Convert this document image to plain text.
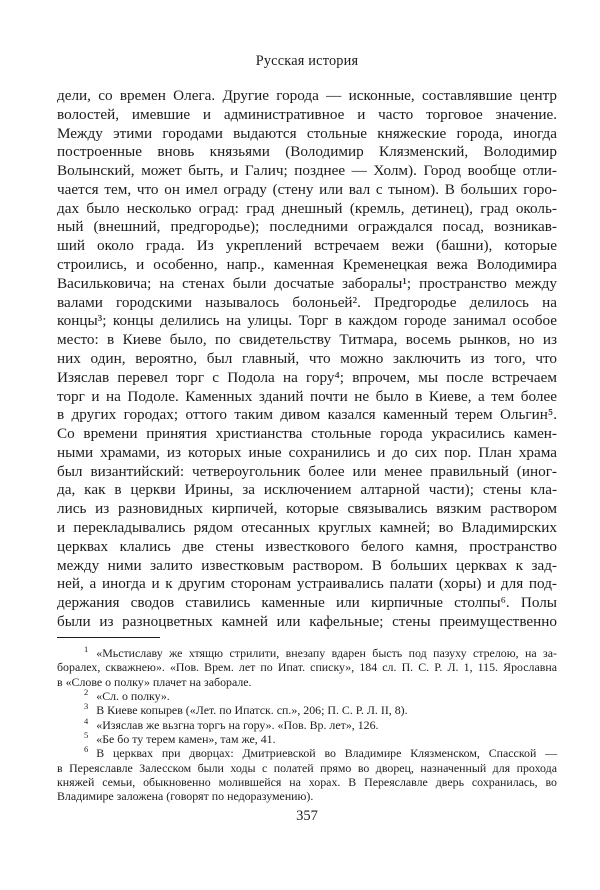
Русская история
дели, со времен Олега. Другие города — исконные, составлявшие центр
волостей, имевшие и административное и часто торговое значение.
Между этими городами выдаются стольные княжеские города, иногда
построенные вновь князьями (Володимир Клязменский, Володимир
Волынский, может быть, и Галич; позднее — Холм). Город вообще отли-
чается тем, что он имел ограду (стену или вал с тыном). В больших горо-
дах было несколько оград: град днешный (кремль, детинец), град околь-
ный (внешний, предгородье); последними ограждался посад, возникав-
ший около града. Из укреплений встречаем вежи (башни), которые
строились, и особенно, напр., каменная Кременецкая вежа Володимира
Васильковича; на стенах были досчатые заборалы¹; пространство между
валами городскими называлось болоньей². Предгородье делилось на
концы³; концы делились на улицы. Торг в каждом городе занимал особое
место: в Киеве было, по свидетельству Титмара, восемь рынков, но из
них один, вероятно, был главный, что можно заключить из того, что
Изяслав перевел торг с Подола на гору⁴; впрочем, мы после встречаем
торг и на Подоле. Каменных зданий почти не было в Киеве, а тем более
в других городах; оттого таким дивом казался каменный терем Ольгин⁵.
Со времени принятия христианства стольные города украсились камен-
ными храмами, из которых иные сохранились и до сих пор. План храма
был византийский: четвероугольник более или менее правильный (иног-
да, как в церкви Ирины, за исключением алтарной части); стены кла-
лись из разновидных кирпичей, которые связывались вязким раствором
и перекладывались рядом отесанных круглых камней; во Владимирских
церквах клались две стены известкового белого камня, пространство
между ними залито известковым раствором. В больших церквах к зад-
ней, а иногда и к другим сторонам устраивались палати (хоры) и для под-
держания сводов ставились каменные или кирпичные столпы⁶. Полы
были из разноцветных камней или кафельные; стены преимущественно
$^1$ «Мьстиславу же хтящю стрилити, внезапу вдарен бысть под пазуху стрелою, на за-
боралех, скважнею». «Пов. Врем. лет по Ипат. списку», 184 сл. П. С. Р. Л. 1, 115. Ярославна
в «Слове о полку» плачет на заборале.
$^2$ «Сл. о полку».
$^3$ В Киеве копырев («Лет. по Ипатск. сп.», 206; П. С. Р. Л. II, 8).
$^4$ «Изяслав же вьзгна торгъ на гору». «Пов. Вр. лет», 126.
$^5$ «Бе бо ту терем камен», там же, 41.
$^6$ В церквах при дворцах: Дмитриевской во Владимире Клязменском, Спасской —
в Переяславле Залесском были ходы с полатей прямо во дворец, назначенный для прохода
княжей семьи, обыкновенно молившейся на хорах. В Переяславле дверь сохранилась, во
Владимире заложена (говорят по недоразумению).
357
